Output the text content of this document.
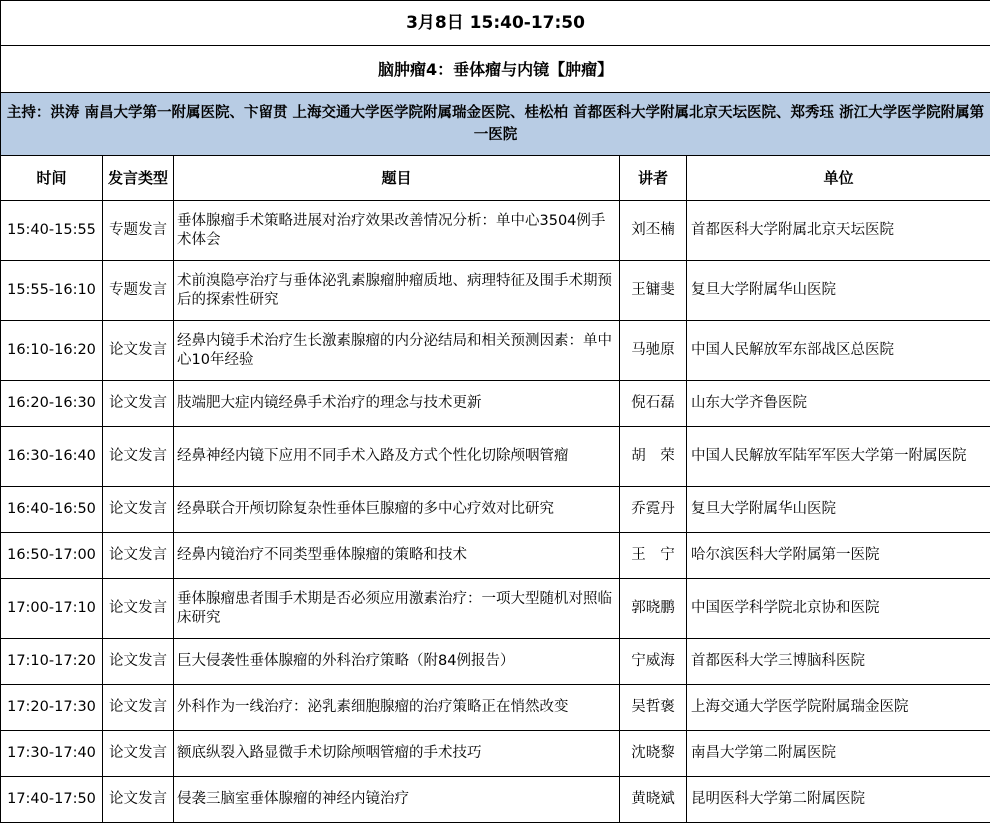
3月8日 15:40-17:50				
脑肿瘤4：垂体瘤与内镜【肿瘤】				
主持：洪涛 南昌大学第一附属医院、卞留贯 上海交通大学医学院附属瑞金医院、桂松柏 首都医科大学附属北京天坛医院、郑秀珏 浙江大学医学院附属第一医院				
时间	发言类型	题目	讲者	单位
15:40-15:55	专题发言	垂体腺瘤手术策略进展对治疗效果改善情况分析：单中心3504例手术体会	刘丕楠	首都医科大学附属北京天坛医院
15:55-16:10	专题发言	术前溴隐亭治疗与垂体泌乳素腺瘤肿瘤质地、病理特征及围手术期预后的探索性研究	王镛斐	复旦大学附属华山医院
16:10-16:20	论文发言	经鼻内镜手术治疗生长激素腺瘤的内分泌结局和相关预测因素：单中心10年经验	马驰原	中国人民解放军东部战区总医院
16:20-16:30	论文发言	肢端肥大症内镜经鼻手术治疗的理念与技术更新	倪石磊	山东大学齐鲁医院
16:30-16:40	论文发言	经鼻神经内镜下应用不同手术入路及方式个性化切除颅咽管瘤	胡　荣	中国人民解放军陆军军医大学第一附属医院
16:40-16:50	论文发言	经鼻联合开颅切除复杂性垂体巨腺瘤的多中心疗效对比研究	乔霓丹	复旦大学附属华山医院
16:50-17:00	论文发言	经鼻内镜治疗不同类型垂体腺瘤的策略和技术	王　宁	哈尔滨医科大学附属第一医院
17:00-17:10	论文发言	垂体腺瘤患者围手术期是否必须应用激素治疗：一项大型随机对照临床研究	郭晓鹏	中国医学科学院北京协和医院
17:10-17:20	论文发言	巨大侵袭性垂体腺瘤的外科治疗策略（附84例报告）	宁威海	首都医科大学三博脑科医院
17:20-17:30	论文发言	外科作为一线治疗：泌乳素细胞腺瘤的治疗策略正在悄然改变	吴哲褒	上海交通大学医学院附属瑞金医院
17:30-17:40	论文发言	额底纵裂入路显微手术切除颅咽管瘤的手术技巧	沈晓黎	南昌大学第二附属医院
17:40-17:50	论文发言	侵袭三脑室垂体腺瘤的神经内镜治疗	黄晓斌	昆明医科大学第二附属医院
